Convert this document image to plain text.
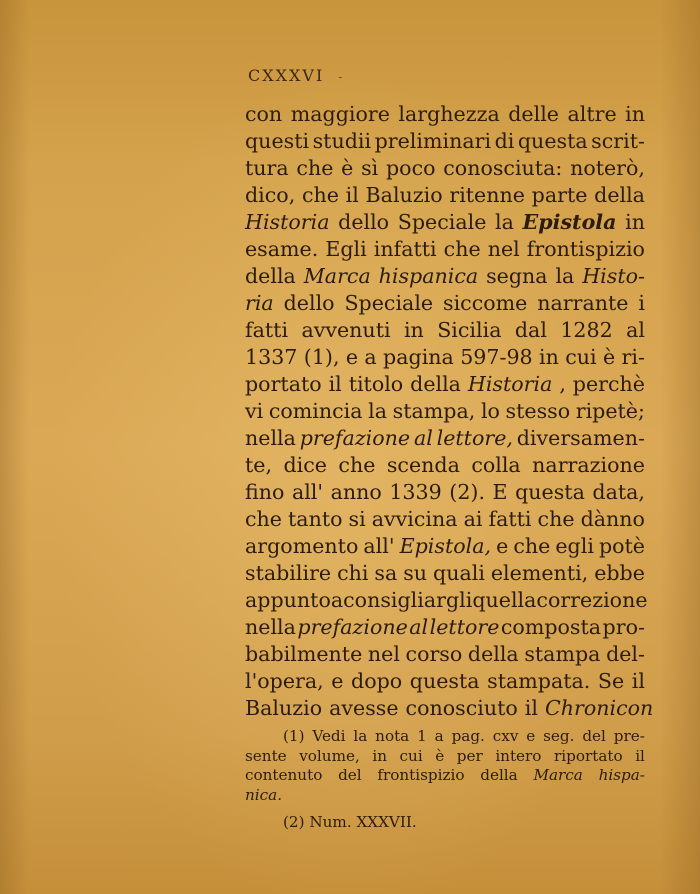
CXXXVI -
con maggiore larghezza delle altre in
questi studii preliminari di questa scrit-
tura che è sì poco conosciuta: noterò,
dico, che il Baluzio ritenne parte della
Historia dello Speciale la Epistola in
esame. Egli infatti che nel frontispizio
della Marca hispanica segna la Histo-
ria dello Speciale siccome narrante i
fatti avvenuti in Sicilia dal 1282 al
1337 (1), e a pagina 597-98 in cui è ri-
portato il titolo della Historia , perchè
vi comincia la stampa, lo stesso ripetè;
nella prefazione al lettore, diversamen-
te, dice che scenda colla narrazione
fino all' anno 1339 (2). E questa data,
che tanto si avvicina ai fatti che dànno
argomento all' Epistola, e che egli potè
stabilire chi sa su quali elementi, ebbe
appunto a consigliargli quella correzione
nella prefazione al lettore composta pro-
babilmente nel corso della stampa del-
l'opera, e dopo questa stampata. Se il
Baluzio avesse conosciuto il Chronicon
(1) Vedi la nota 1 a pag. cxv e seg. del pre-
sente volume, in cui è per intero riportato il
contenuto del frontispizio della Marca hispa-
nica.
(2) Num. XXXVII.
